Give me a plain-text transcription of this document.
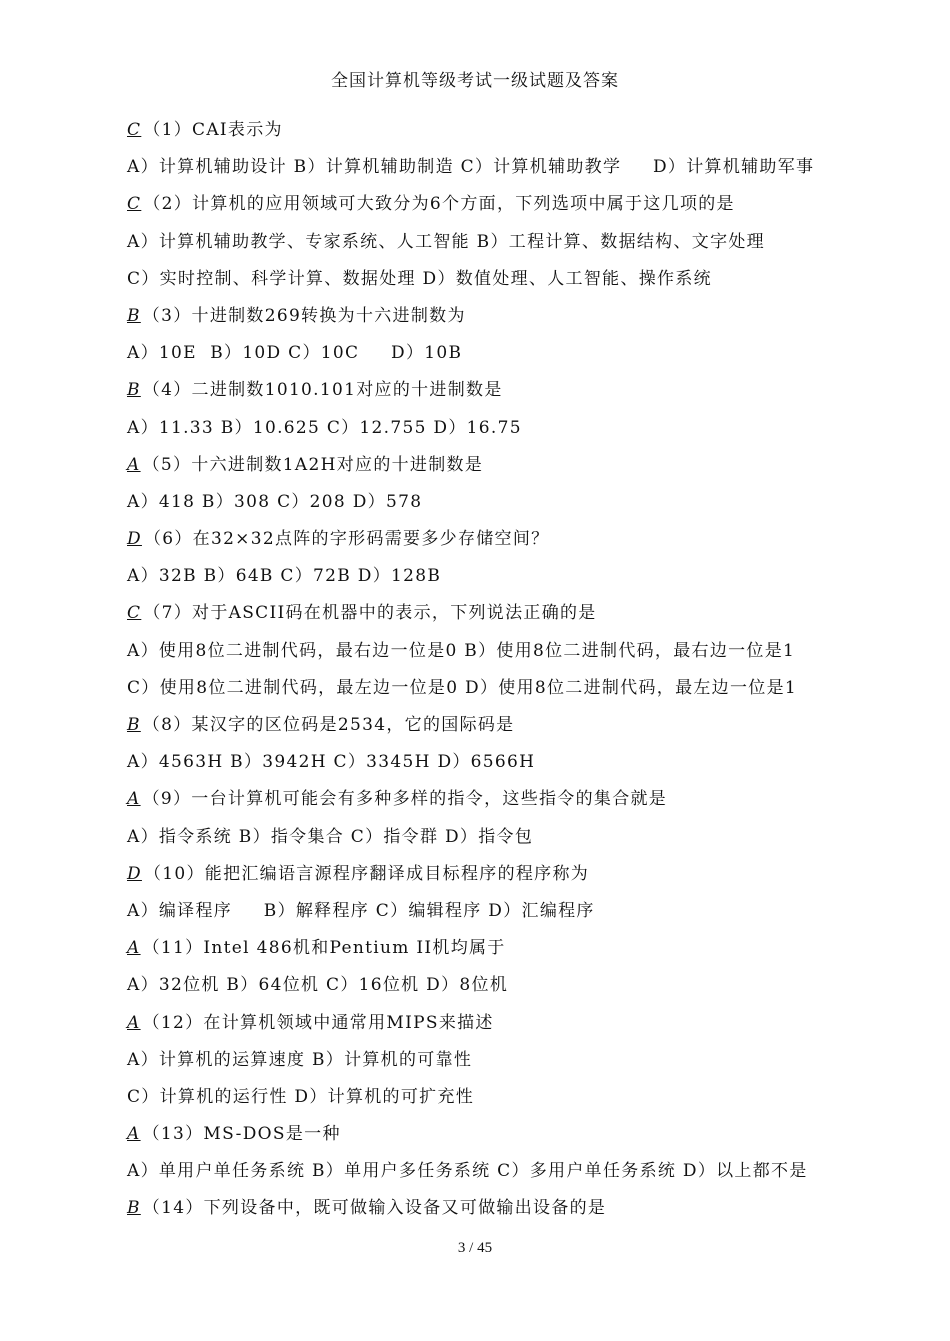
全国计算机等级考试一级试题及答案
C （1）CAI表示为
A）计算机辅助设计 B）计算机辅助制造 C）计算机辅助教学 　 D）计算机辅助军事
C （2）计算机的应用领域可大致分为6个方面，下列选项中属于这几项的是
A）计算机辅助教学、专家系统、人工智能 B）工程计算、数据结构、文字处理
C）实时控制、科学计算、数据处理 D）数值处理、人工智能、操作系统
B （3）十进制数269转换为十六进制数为
A）10E  B）10D C）10C 　 D）10B
B （4）二进制数1010.101对应的十进制数是
A）11.33 B）10.625 C）12.755 D）16.75
A （5）十六进制数1A2H对应的十进制数是
A）418 B）308 C）208 D）578
D （6）在32×32点阵的字形码需要多少存储空间？
A）32B B）64B C）72B D）128B
C （7）对于ASCII码在机器中的表示，下列说法正确的是
A）使用8位二进制代码，最右边一位是0 B）使用8位二进制代码，最右边一位是1
C）使用8位二进制代码，最左边一位是0 D）使用8位二进制代码，最左边一位是1
B （8）某汉字的区位码是2534，它的国际码是
A）4563H B）3942H C）3345H D）6566H
A （9）一台计算机可能会有多种多样的指令，这些指令的集合就是
A）指令系统 B）指令集合 C）指令群 D）指令包
D （10）能把汇编语言源程序翻译成目标程序的程序称为
A）编译程序 　 B）解释程序 C）编辑程序 D）汇编程序
A （11）Intel 486机和Pentium II机均属于
A）32位机 B）64位机 C）16位机 D）8位机
A （12）在计算机领域中通常用MIPS来描述
A）计算机的运算速度 B）计算机的可靠性
C）计算机的运行性 D）计算机的可扩充性
A （13）MS-DOS是一种
A）单用户单任务系统 B）单用户多任务系统 C）多用户单任务系统 D）以上都不是
B （14）下列设备中，既可做输入设备又可做输出设备的是
3 / 45
